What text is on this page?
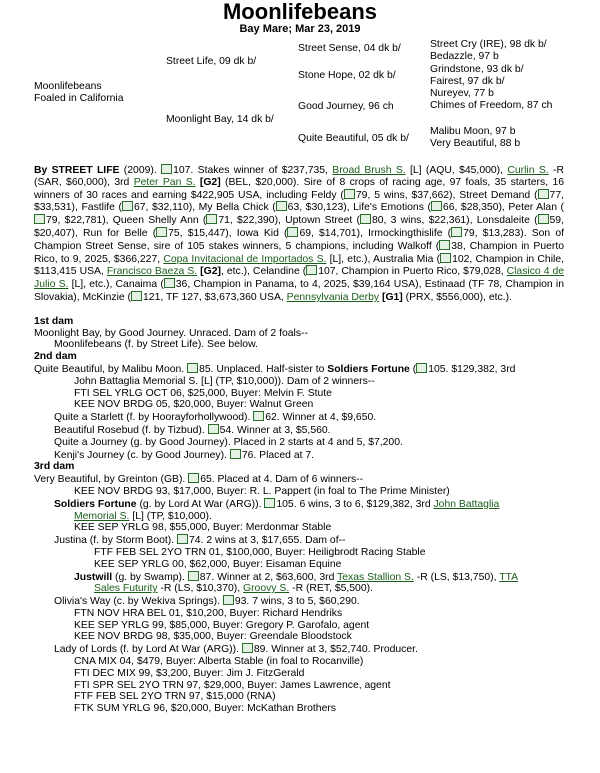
Moonlifebeans
Bay Mare; Mar 23, 2019
Moonlifebeans
Foaled in California
Street Life, 09 dk b/
Moonlight Bay, 14 dk b/
Street Sense, 04 dk b/
Stone Hope, 02 dk b/
Good Journey, 96 ch
Quite Beautiful, 05 dk b/
Street Cry (IRE), 98 dk b/
Bedazzle, 97 b
Grindstone, 93 dk b/
Fairest, 97 dk b/
Nureyev, 77 b
Chimes of Freedom, 87 ch
Malibu Moon, 97 b
Very Beautiful, 88 b

By STREET LIFE (2009). 107. Stakes winner of $237,735, Broad Brush S. [L] (AQU, $45,000), Curlin S. -R (SAR, $60,000), 3rd Peter Pan S. [G2] (BEL, $20,000). Sire of 8 crops of racing age, 97 foals, 35 starters, 16 winners of 30 races and earning $422,905 USA, including Feldy ( 79, 5 wins, $37,662), Street Demand ( 77, $33,531), Fastlife ( 67, $32,110), My Bella Chick ( 63, $30,123), Life's Emotions ( 66, $28,350), Peter Alan (79, $22,781), Queen Shelly Ann ( 71, $22,390), Uptown Street ( 80, 3 wins, $22,361), Lonsdaleite ( 59, $20,407), Run for Belle ( 75, $15,447), Iowa Kid ( 69, $14,701), Irmockingthislife ( 79, $13,283). Son of Champion Street Sense, sire of 105 stakes winners, 5 champions, including Walkoff ( 38, Champion in Puerto Rico, to 9, 2025, $366,227, Copa Invitacional de Importados S. [L], etc.), Australia Mia ( 102, Champion in Chile, $113,415 USA, Francisco Baeza S. [G2], etc.), Celandine ( 107, Champion in Puerto Rico, $79,028, Clasico 4 de Julio S. [L], etc.), Canaima ( 36, Champion in Panama, to 4, 2025, $39,164 USA), Estinaad (TF 78, Champion in Slovakia), McKinzie ( 121, TF 127, $3,673,360 USA, Pennsylvania Derby [G1] (PRX, $556,000), etc.).

1st dam

Moonlight Bay, by Good Journey. Unraced. Dam of 2 foals--

Moonlifebeans (f. by Street Life). See below.

2nd dam

Quite Beautiful, by Malibu Moon. 85. Unplaced. Half-sister to Soldiers Fortune ( 105. $129,382, 3rd

John Battaglia Memorial S. [L] (TP, $10,000)). Dam of 2 winners--

FTI SEL YRLG OCT 06, $25,000, Buyer: Melvin F. Stute

KEE NOV BRDG 05, $20,000, Buyer: Walnut Green

Quite a Starlett (f. by Hoorayforhollywood). 62. Winner at 4, $9,650.

Beautiful Rosebud (f. by Tizbud). 54. Winner at 3, $5,560.

Quite a Journey (g. by Good Journey). Placed in 2 starts at 4 and 5, $7,200.

Kenji's Journey (c. by Good Journey). 76. Placed at 7.

3rd dam

Very Beautiful, by Greinton (GB). 65. Placed at 4. Dam of 6 winners--

KEE NOV BRDG 93, $17,000, Buyer: R. L. Pappert (in foal to The Prime Minister)

Soldiers Fortune (g. by Lord At War (ARG)). 105. 6 wins, 3 to 6, $129,382, 3rd John Battaglia

Memorial S. [L] (TP, $10,000).

KEE SEP YRLG 98, $55,000, Buyer: Merdonmar Stable

Justina (f. by Storm Boot). 74. 2 wins at 3, $17,655. Dam of--

FTF FEB SEL 2YO TRN 01, $100,000, Buyer: Heiligbrodt Racing Stable

KEE SEP YRLG 00, $62,000, Buyer: Eisaman Equine

Justwill (g. by Swamp). 87. Winner at 2, $63,600, 3rd Texas Stallion S. -R (LS, $13,750), TTA

Sales Futurity -R (LS, $10,370), Groovy S. -R (RET, $5,500).

Olivia's Way (c. by Wekiva Springs). 93. 7 wins, 3 to 5, $60,290.

FTN NOV HRA BEL 01, $10,200, Buyer: Richard Hendriks

KEE SEP YRLG 99, $85,000, Buyer: Gregory P. Garofalo, agent

KEE NOV BRDG 98, $35,000, Buyer: Greendale Bloodstock

Lady of Lords (f. by Lord At War (ARG)). 89. Winner at 3, $52,740. Producer.

CNA MIX 04, $479, Buyer: Alberta Stable (in foal to Rocanville)

FTI DEC MIX 99, $3,200, Buyer: Jim J. FitzGerald

FTI SPR SEL 2YO TRN 97, $29,000, Buyer: James Lawrence, agent

FTF FEB SEL 2YO TRN 97, $15,000 (RNA)

FTK SUM YRLG 96, $20,000, Buyer: McKathan Brothers
